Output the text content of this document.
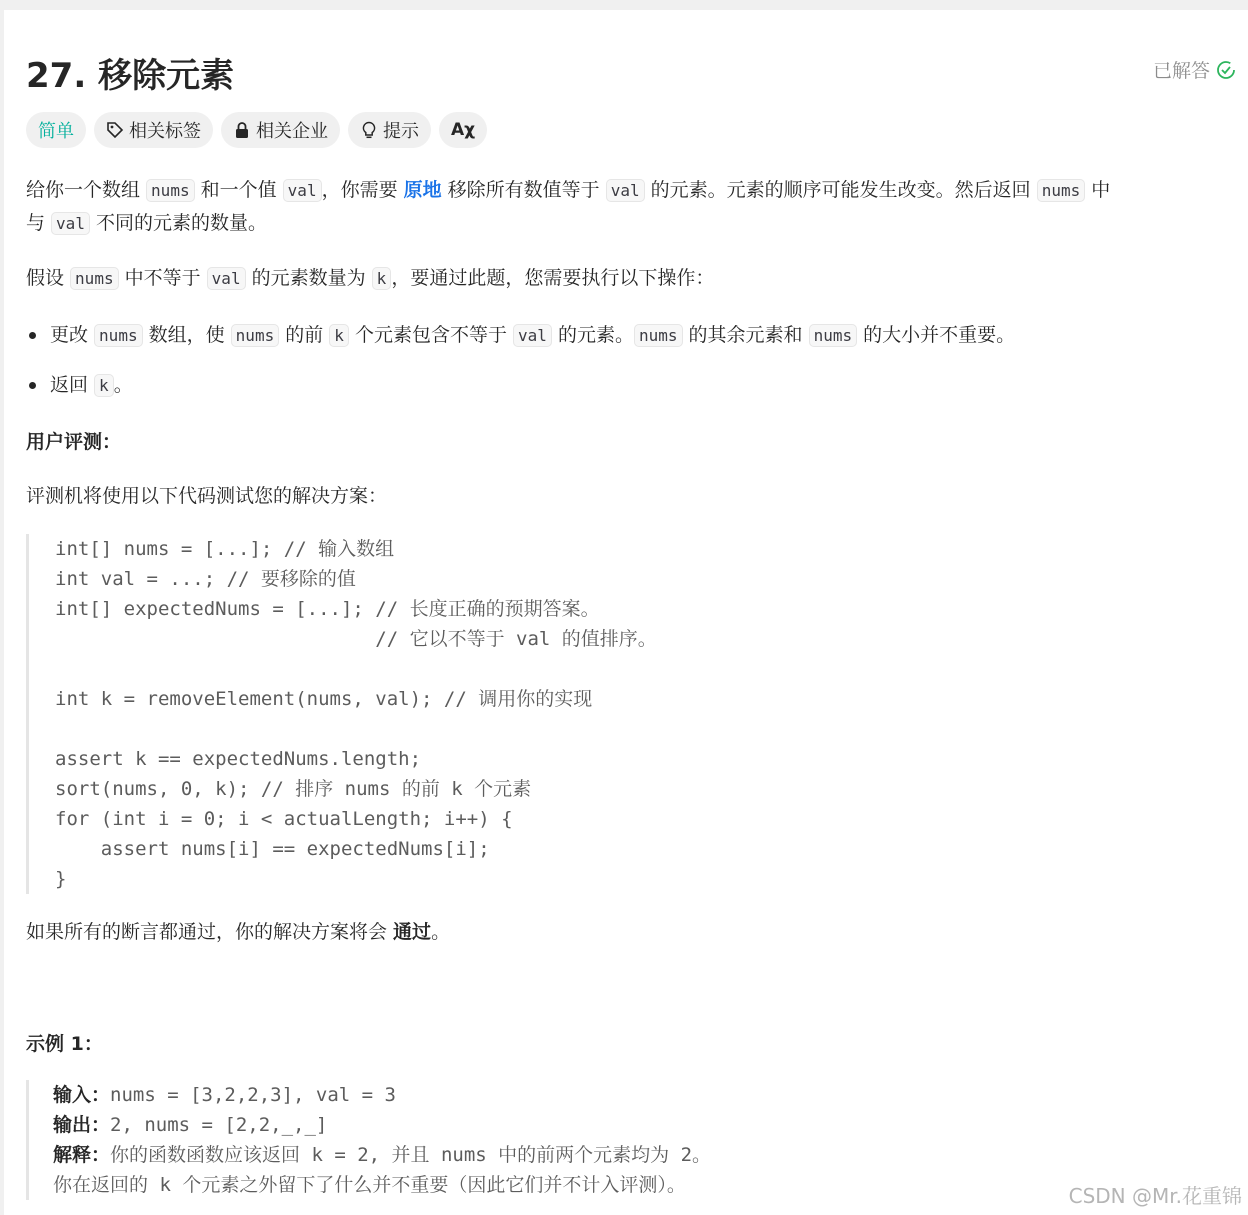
27. 移除元素	已解答
简单	相关标签	相关企业	提示 Aχ

给你一个数组 nums 和一个值 val ，你需要 原地 移除所有数值等于 val 的元素。元素的顺序可能发生改变。然后返回 nums 中
与 val 不同的元素的数量。

假设 nums 中不等于 val 的元素数量为 k ，要通过此题，您需要执行以下操作：

更改 nums 数组，使 nums 的前 k 个元素包含不等于 val 的元素。 nums 的其余元素和 nums 的大小并不重要。
返回 k 。

用户评测：

评测机将使用以下代码测试您的解决方案：

int[] nums = [...]; // 输入数组
int val = ...; // 要移除的值
int[] expectedNums = [...]; // 长度正确的预期答案。
// 它以不等于 val 的值排序。
int k = removeElement(nums, val); // 调用你的实现
assert k == expectedNums.length;
sort(nums, 0, k); // 排序 nums 的前 k 个元素
for (int i = 0; i < actualLength; i++) {
assert nums[i] == expectedNums[i];
}

如果所有的断言都通过，你的解决方案将会 通过。

示例 1：

输入：nums = [3,2,2,3], val = 3
输出：2, nums = [2,2,_,_]
解释：你的函数函数应该返回 k = 2, 并且 nums 中的前两个元素均为 2。
你在返回的 k 个元素之外留下了什么并不重要（因此它们并不计入评测）。	CSDN @Mr.花重锦
